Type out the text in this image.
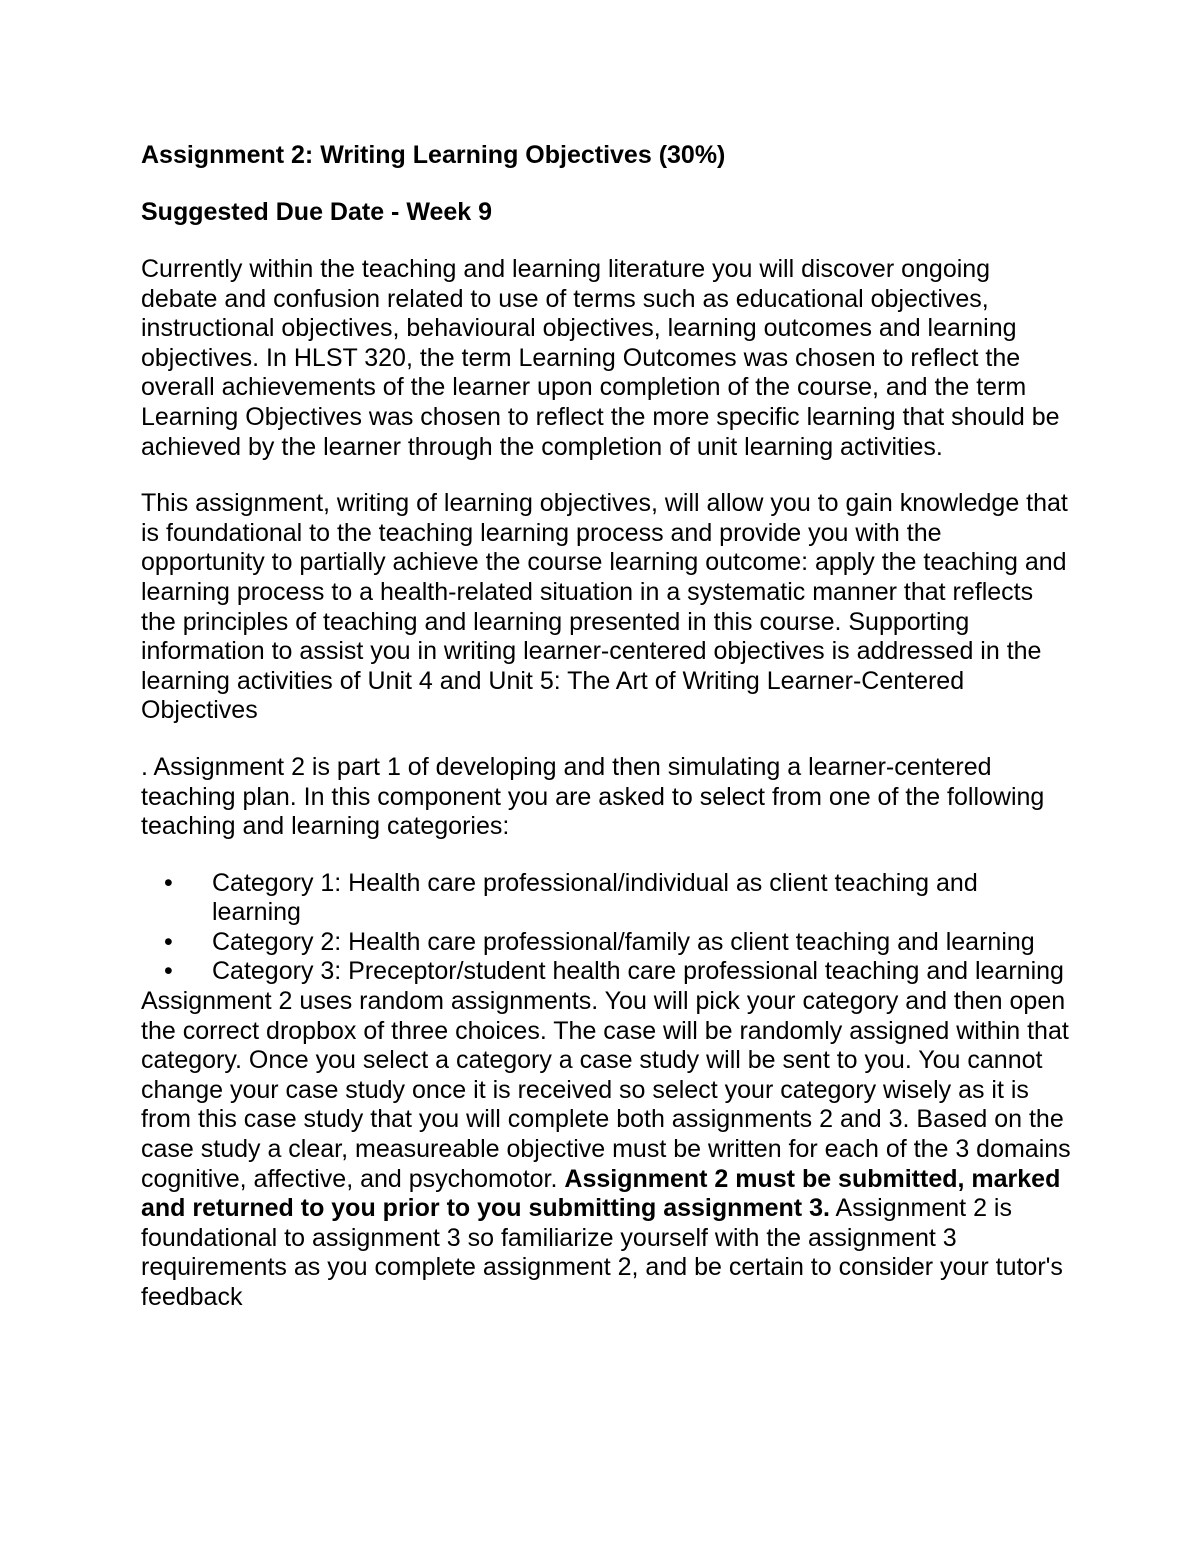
Assignment 2: Writing Learning Objectives (30%)
Suggested Due Date - Week 9

Currently within the teaching and learning literature you will discover ongoing debate and confusion related to use of terms such as educational objectives, instructional objectives, behavioural objectives, learning outcomes and learning objectives. In HLST 320, the term Learning Outcomes was chosen to reflect the overall achievements of the learner upon completion of the course, and the term Learning Objectives was chosen to reflect the more specific learning that should be achieved by the learner through the completion of unit learning activities.

This assignment, writing of learning objectives, will allow you to gain knowledge that is foundational to the teaching learning process and provide you with the opportunity to partially achieve the course learning outcome: apply the teaching and learning process to a health-related situation in a systematic manner that reflects the principles of teaching and learning presented in this course. Supporting information to assist you in writing learner-centered objectives is addressed in the learning activities of Unit 4 and Unit 5: The Art of Writing Learner-Centered Objectives

. Assignment 2 is part 1 of developing and then simulating a learner-centered teaching plan. In this component you are asked to select from one of the following teaching and learning categories:

• Category 1: Health care professional/individual as client teaching and learning
• Category 2: Health care professional/family as client teaching and learning
• Category 3: Preceptor/student health care professional teaching and learning

Assignment 2 uses random assignments. You will pick your category and then open the correct dropbox of three choices. The case will be randomly assigned within that category. Once you select a category a case study will be sent to you. You cannot change your case study once it is received so select your category wisely as it is from this case study that you will complete both assignments 2 and 3. Based on the case study a clear, measureable objective must be written for each of the 3 domains cognitive, affective, and psychomotor. Assignment 2 must be submitted, marked and returned to you prior to you submitting assignment 3. Assignment 2 is foundational to assignment 3 so familiarize yourself with the assignment 3 requirements as you complete assignment 2, and be certain to consider your tutor's feedback
